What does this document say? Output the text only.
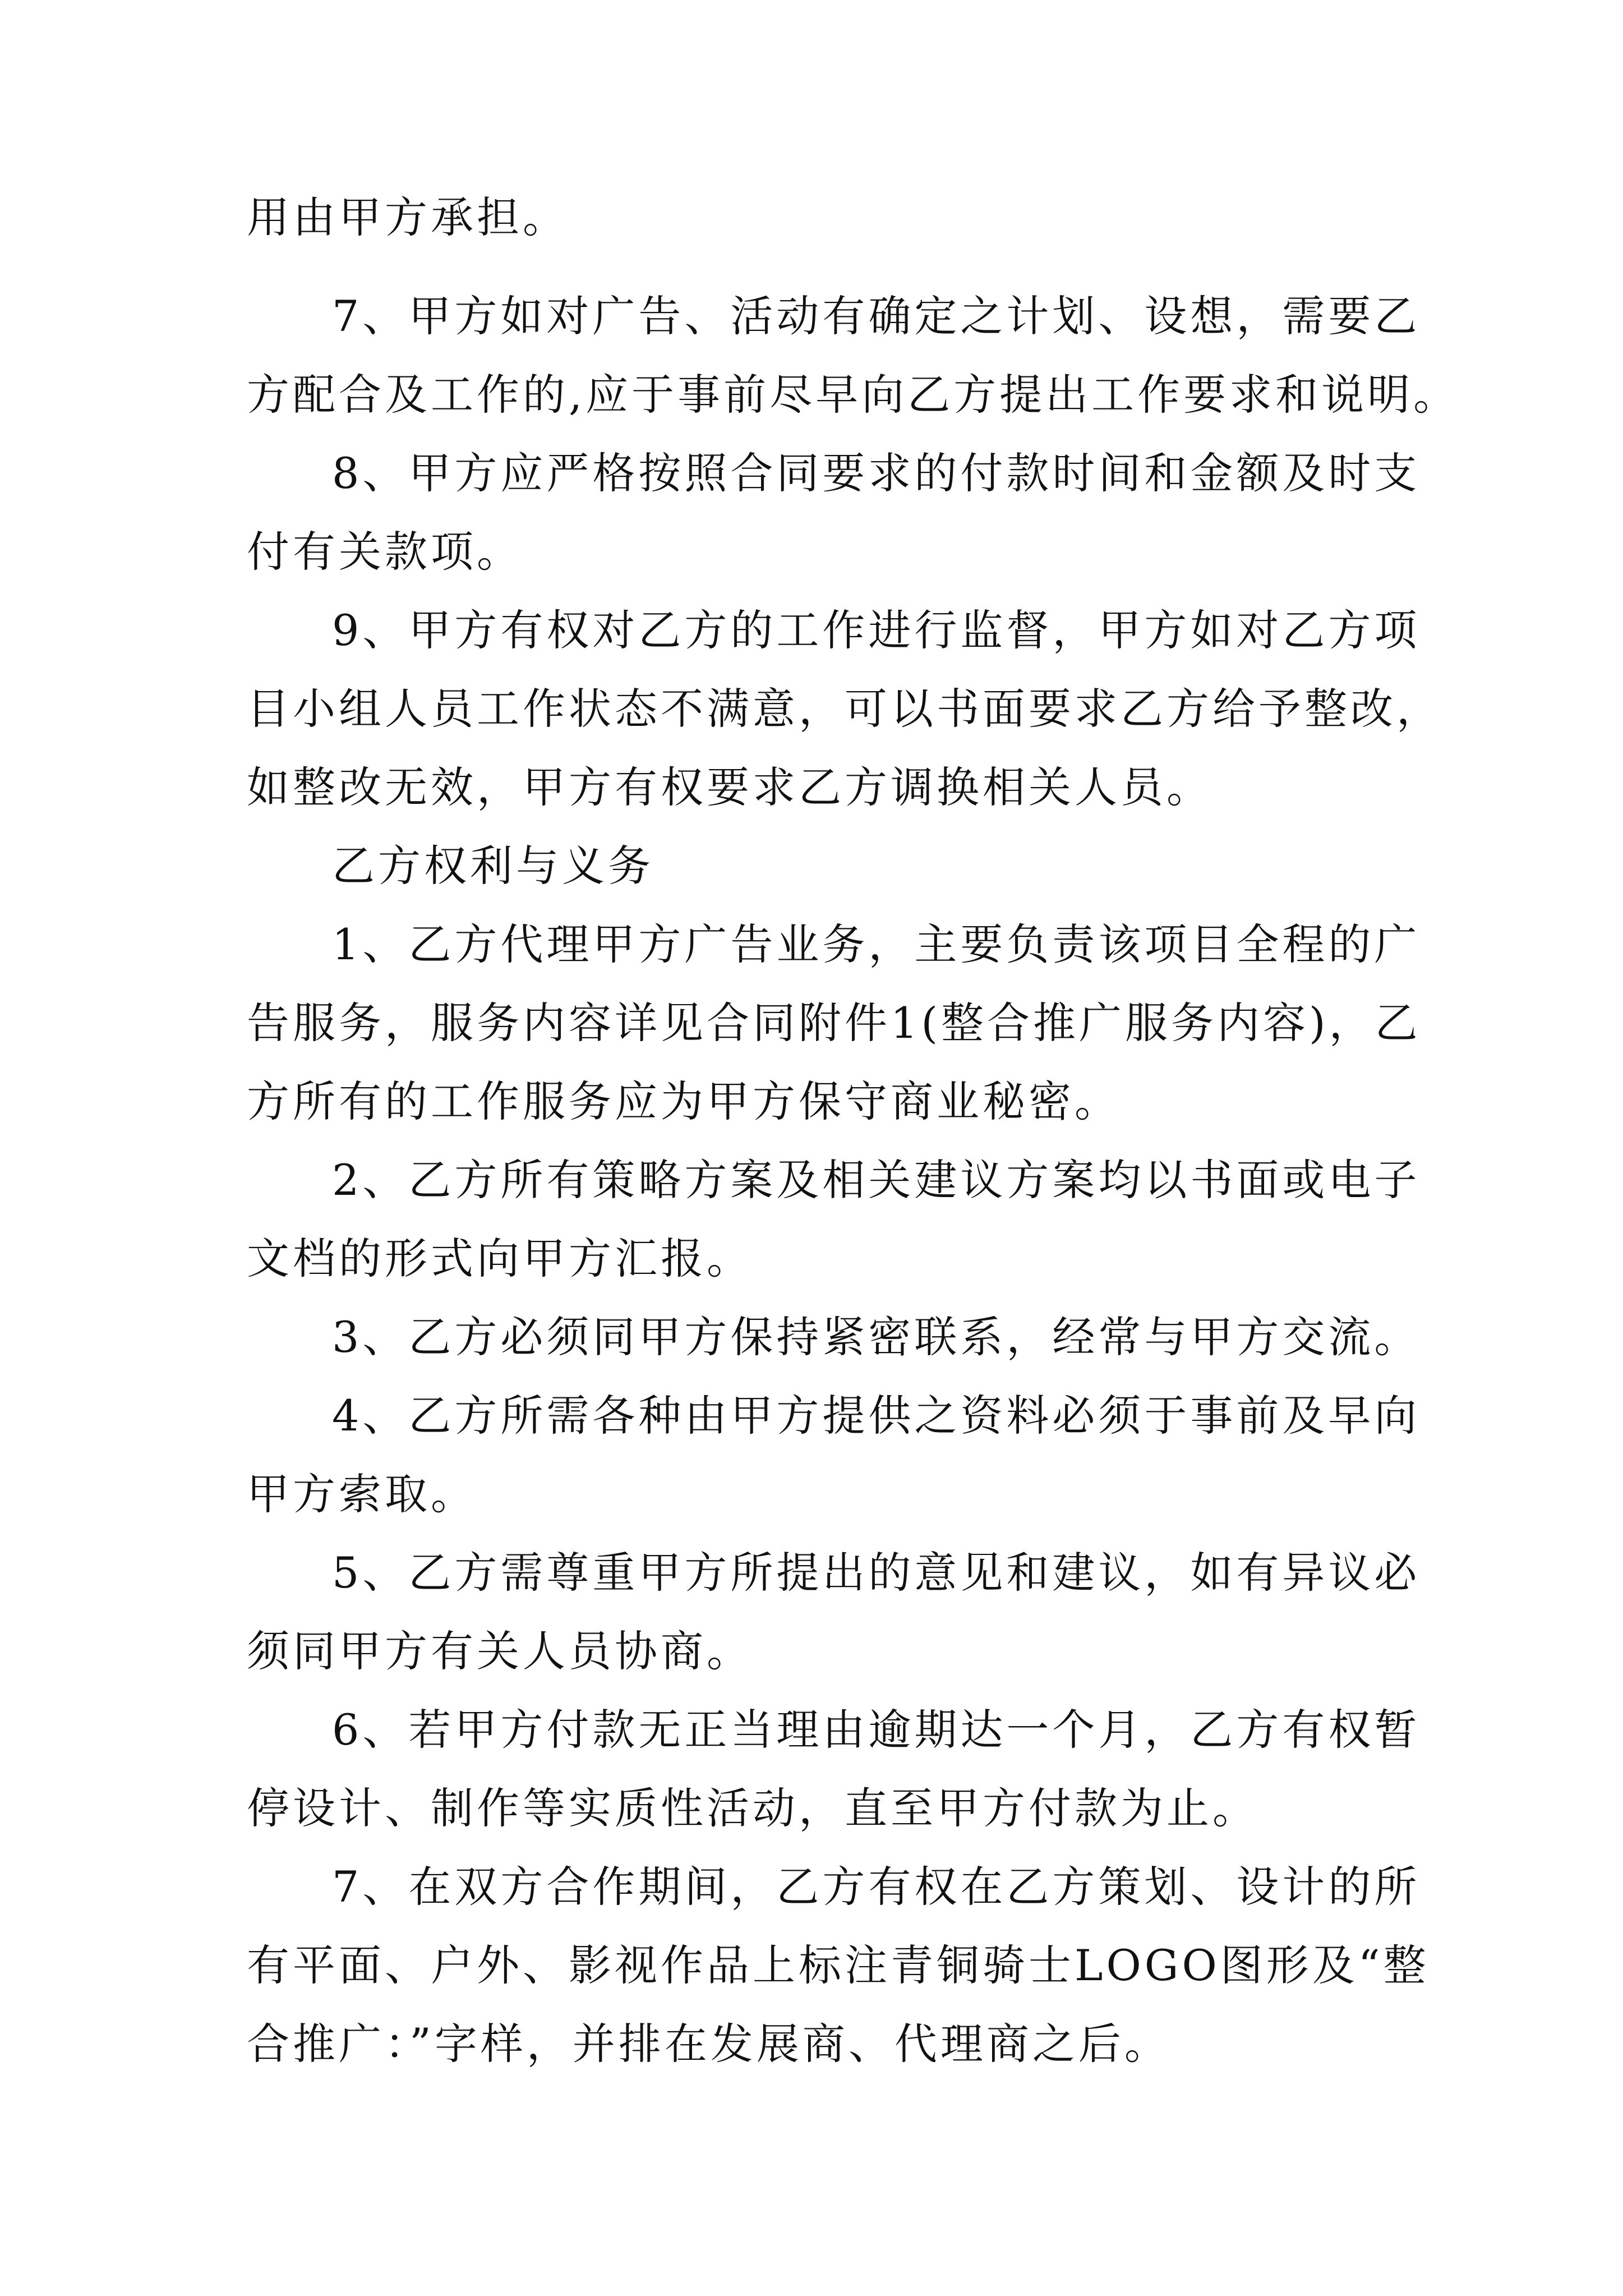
用由甲方承担。
7、甲方如对广告、活动有确定之计划、设想，需要乙
方配合及工作的,应于事前尽早向乙方提出工作要求和说明。
8、甲方应严格按照合同要求的付款时间和金额及时支
付有关款项。
9、甲方有权对乙方的工作进行监督，甲方如对乙方项
目小组人员工作状态不满意，可以书面要求乙方给予整改，
如整改无效，甲方有权要求乙方调换相关人员。
乙方权利与义务
1、乙方代理甲方广告业务，主要负责该项目全程的广
告服务，服务内容详见合同附件1(整合推广服务内容)，乙
方所有的工作服务应为甲方保守商业秘密。
2、乙方所有策略方案及相关建议方案均以书面或电子
文档的形式向甲方汇报。
3、乙方必须同甲方保持紧密联系，经常与甲方交流。
4、乙方所需各种由甲方提供之资料必须于事前及早向
甲方索取。
5、乙方需尊重甲方所提出的意见和建议，如有异议必
须同甲方有关人员协商。
6、若甲方付款无正当理由逾期达一个月，乙方有权暂
停设计、制作等实质性活动，直至甲方付款为止。
7、在双方合作期间，乙方有权在乙方策划、设计的所
有平面、户外、影视作品上标注青铜骑士LOGO图形及“整
合推广：”字样，并排在发展商、代理商之后。
